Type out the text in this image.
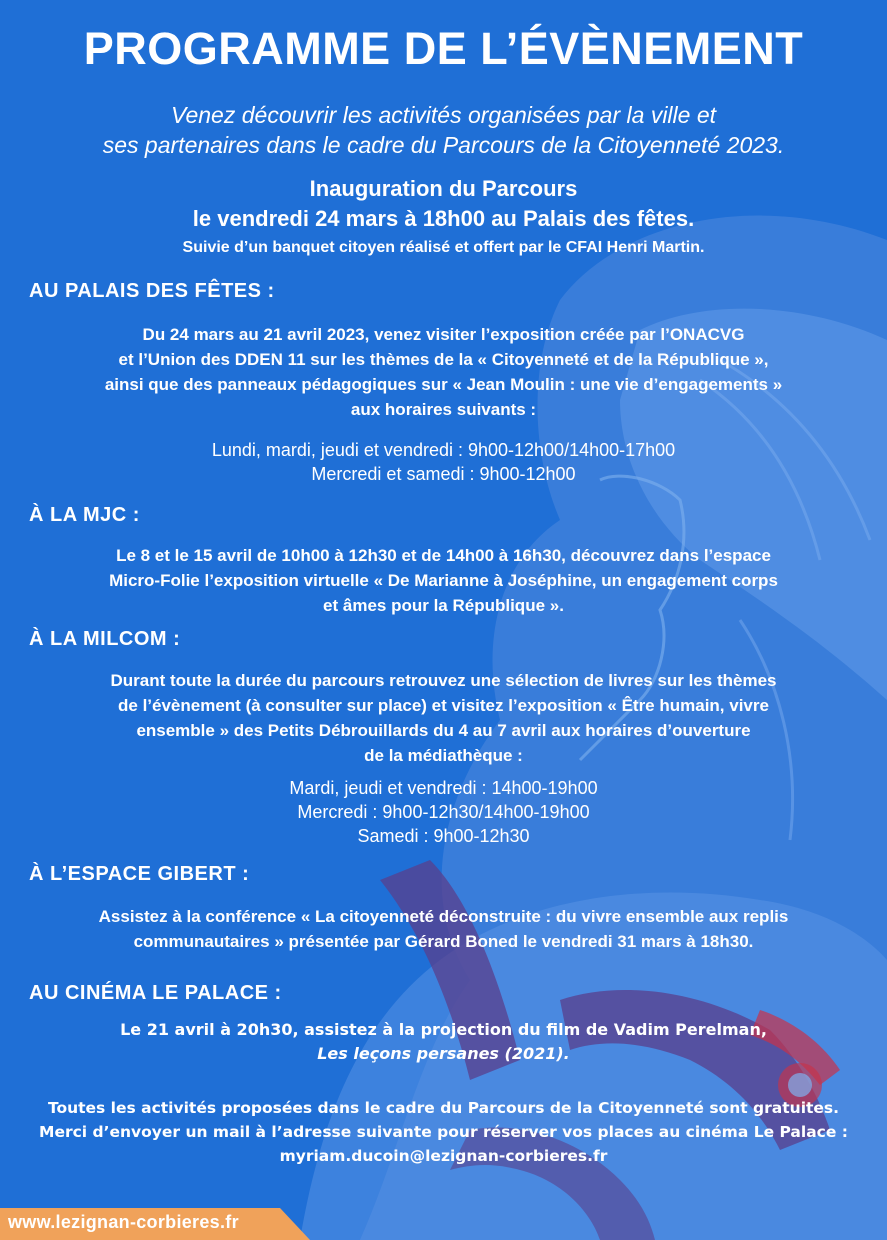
PROGRAMME DE L’ÉVÈNEMENT
Venez découvrir les activités organisées par la ville et
ses partenaires dans le cadre du Parcours de la Citoyenneté 2023.
Inauguration du Parcours
le vendredi 24 mars à 18h00 au Palais des fêtes.
Suivie d’un banquet citoyen réalisé et offert par le CFAI Henri Martin.
AU PALAIS DES FÊTES :
Du 24 mars au 21 avril 2023, venez visiter l’exposition créée par l’ONACVG
et l’Union des DDEN 11 sur les thèmes de la « Citoyenneté et de la République »,
ainsi que des panneaux pédagogiques sur « Jean Moulin : une vie d’engagements »
aux horaires suivants :
Lundi, mardi, jeudi et vendredi : 9h00-12h00/14h00-17h00
Mercredi et samedi : 9h00-12h00
À LA MJC :
Le 8 et le 15 avril de 10h00 à 12h30 et de 14h00 à 16h30, découvrez dans l’espace
Micro-Folie l’exposition virtuelle « De Marianne à Joséphine, un engagement corps
et âmes pour la République ».
À LA MILCOM :
Durant toute la durée du parcours retrouvez une sélection de livres sur les thèmes
de l’évènement (à consulter sur place) et visitez l’exposition « Être humain, vivre
ensemble » des Petits Débrouillards du 4 au 7 avril aux horaires d’ouverture
de la médiathèque :
Mardi, jeudi et vendredi : 14h00-19h00
Mercredi : 9h00-12h30/14h00-19h00
Samedi : 9h00-12h30
À L’ESPACE GIBERT :
Assistez à la conférence « La citoyenneté déconstruite : du vivre ensemble aux replis
communautaires » présentée par Gérard Boned le vendredi 31 mars à 18h30.
AU CINÉMA LE PALACE :
Le 21 avril à 20h30, assistez à la projection du film de Vadim Perelman,
Les leçons persanes (2021).
Toutes les activités proposées dans le cadre du Parcours de la Citoyenneté sont gratuites.
Merci d’envoyer un mail à l’adresse suivante pour réserver vos places au cinéma Le Palace :
myriam.ducoin@lezignan-corbieres.fr
www.lezignan-corbieres.fr
